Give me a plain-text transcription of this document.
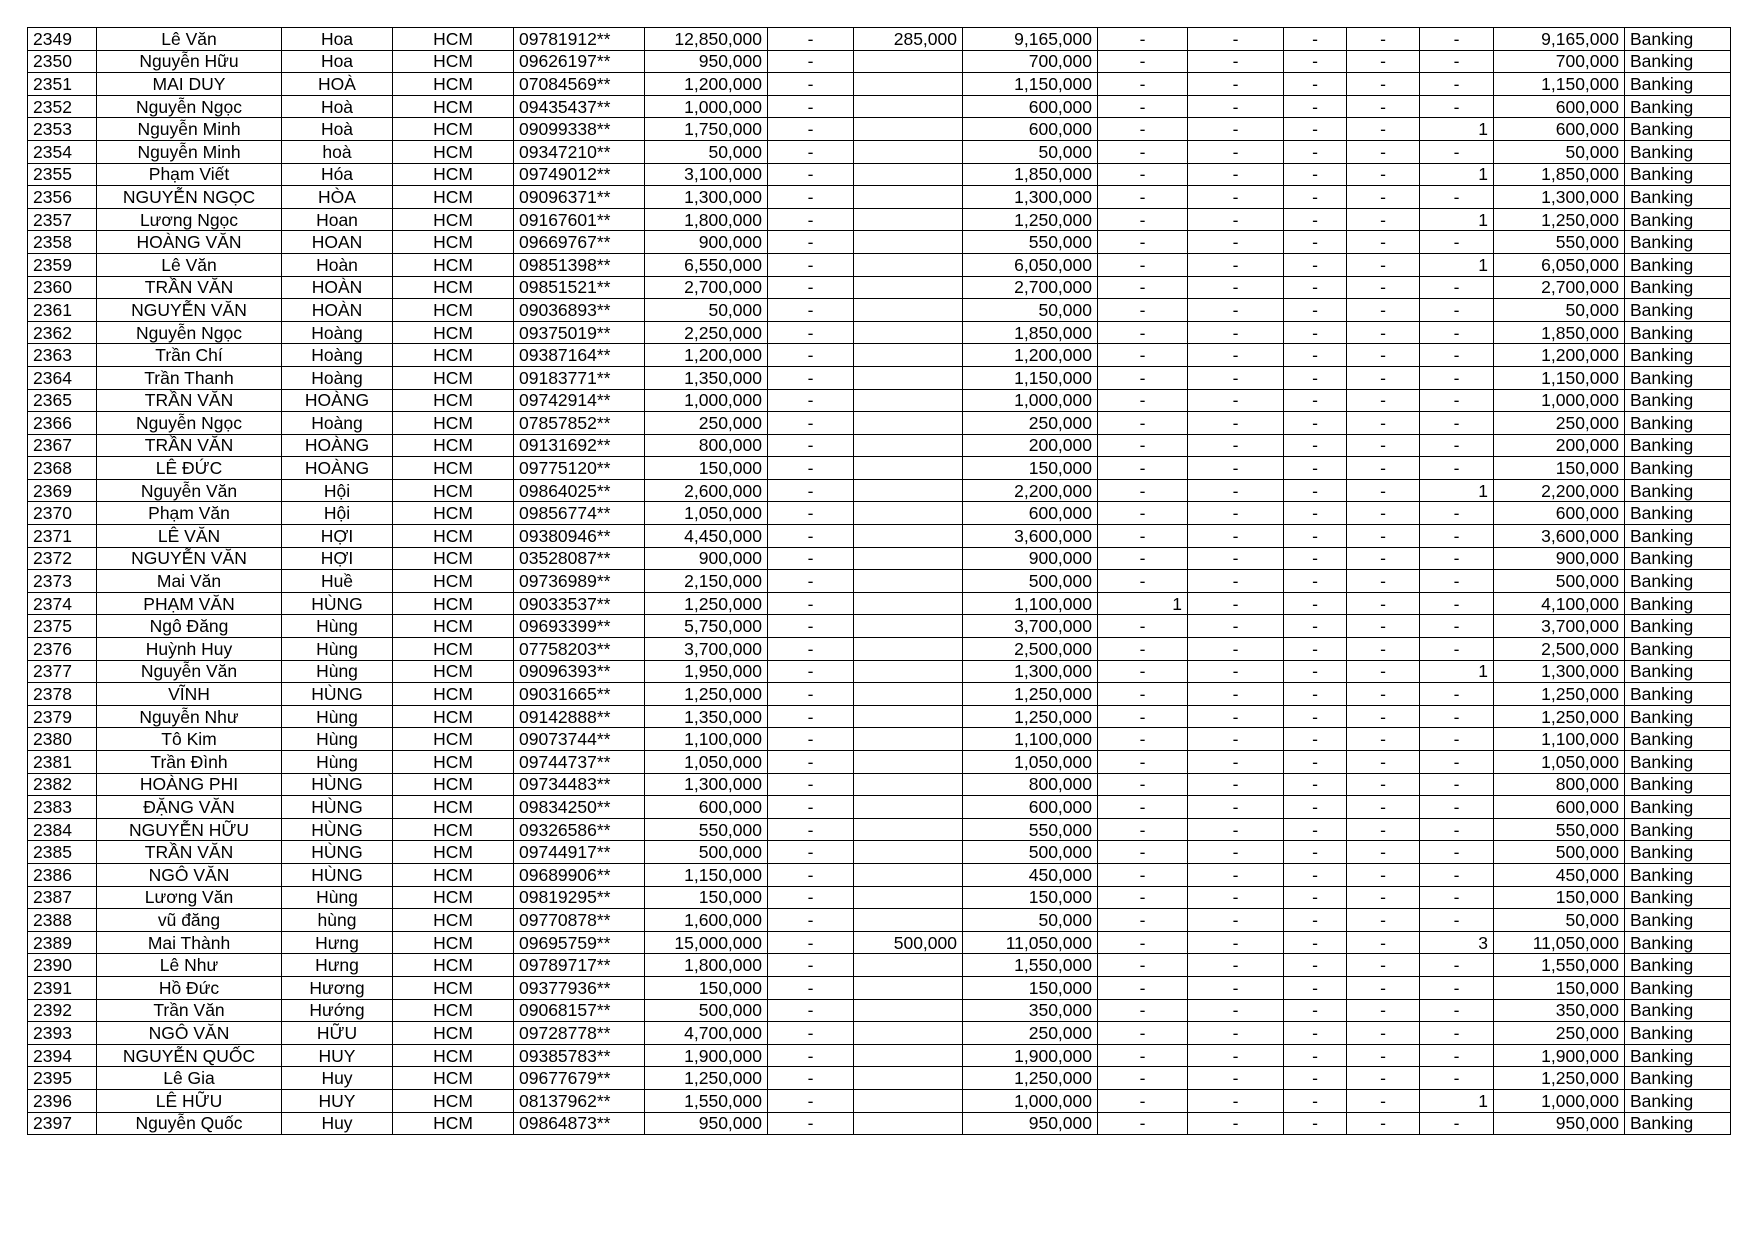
2349	Lê Văn	Hoa	HCM	09781912**	12,850,000	-	285,000	9,165,000	-	-	-	-	-	9,165,000	Banking
2350	Nguyễn Hữu	Hoa	HCM	09626197**	950,000	-		700,000	-	-	-	-	-	700,000	Banking
2351	MAI DUY	HOÀ	HCM	07084569**	1,200,000	-		1,150,000	-	-	-	-	-	1,150,000	Banking
2352	Nguyễn Ngọc	Hoà	HCM	09435437**	1,000,000	-		600,000	-	-	-	-	-	600,000	Banking
2353	Nguyễn Minh	Hoà	HCM	09099338**	1,750,000	-		600,000	-	-	-	-	1	600,000	Banking
2354	Nguyễn Minh	hoà	HCM	09347210**	50,000	-		50,000	-	-	-	-	-	50,000	Banking
2355	Phạm Viết	Hóa	HCM	09749012**	3,100,000	-		1,850,000	-	-	-	-	1	1,850,000	Banking
2356	NGUYỄN NGỌC	HÒA	HCM	09096371**	1,300,000	-		1,300,000	-	-	-	-	-	1,300,000	Banking
2357	Lương Ngọc	Hoan	HCM	09167601**	1,800,000	-		1,250,000	-	-	-	-	1	1,250,000	Banking
2358	HOÀNG VĂN	HOAN	HCM	09669767**	900,000	-		550,000	-	-	-	-	-	550,000	Banking
2359	Lê Văn	Hoàn	HCM	09851398**	6,550,000	-		6,050,000	-	-	-	-	1	6,050,000	Banking
2360	TRẦN VĂN	HOÀN	HCM	09851521**	2,700,000	-		2,700,000	-	-	-	-	-	2,700,000	Banking
2361	NGUYỄN VĂN	HOÀN	HCM	09036893**	50,000	-		50,000	-	-	-	-	-	50,000	Banking
2362	Nguyễn Ngọc	Hoàng	HCM	09375019**	2,250,000	-		1,850,000	-	-	-	-	-	1,850,000	Banking
2363	Trần Chí	Hoàng	HCM	09387164**	1,200,000	-		1,200,000	-	-	-	-	-	1,200,000	Banking
2364	Trần Thanh	Hoàng	HCM	09183771**	1,350,000	-		1,150,000	-	-	-	-	-	1,150,000	Banking
2365	TRẦN VĂN	HOÀNG	HCM	09742914**	1,000,000	-		1,000,000	-	-	-	-	-	1,000,000	Banking
2366	Nguyễn Ngọc	Hoàng	HCM	07857852**	250,000	-		250,000	-	-	-	-	-	250,000	Banking
2367	TRẦN VĂN	HOÀNG	HCM	09131692**	800,000	-		200,000	-	-	-	-	-	200,000	Banking
2368	LÊ ĐỨC	HOÀNG	HCM	09775120**	150,000	-		150,000	-	-	-	-	-	150,000	Banking
2369	Nguyễn Văn	Hội	HCM	09864025**	2,600,000	-		2,200,000	-	-	-	-	1	2,200,000	Banking
2370	Phạm Văn	Hội	HCM	09856774**	1,050,000	-		600,000	-	-	-	-	-	600,000	Banking
2371	LÊ VĂN	HỢI	HCM	09380946**	4,450,000	-		3,600,000	-	-	-	-	-	3,600,000	Banking
2372	NGUYỄN VĂN	HỢI	HCM	03528087**	900,000	-		900,000	-	-	-	-	-	900,000	Banking
2373	Mai Văn	Huề	HCM	09736989**	2,150,000	-		500,000	-	-	-	-	-	500,000	Banking
2374	PHẠM VĂN	HÙNG	HCM	09033537**	1,250,000	-		1,100,000	1	-	-	-	-	4,100,000	Banking
2375	Ngô Đăng	Hùng	HCM	09693399**	5,750,000	-		3,700,000	-	-	-	-	-	3,700,000	Banking
2376	Huỳnh Huy	Hùng	HCM	07758203**	3,700,000	-		2,500,000	-	-	-	-	-	2,500,000	Banking
2377	Nguyễn Văn	Hùng	HCM	09096393**	1,950,000	-		1,300,000	-	-	-	-	1	1,300,000	Banking
2378	VĨNH	HÙNG	HCM	09031665**	1,250,000	-		1,250,000	-	-	-	-	-	1,250,000	Banking
2379	Nguyễn Như	Hùng	HCM	09142888**	1,350,000	-		1,250,000	-	-	-	-	-	1,250,000	Banking
2380	Tô Kim	Hùng	HCM	09073744**	1,100,000	-		1,100,000	-	-	-	-	-	1,100,000	Banking
2381	Trần Đình	Hùng	HCM	09744737**	1,050,000	-		1,050,000	-	-	-	-	-	1,050,000	Banking
2382	HOÀNG PHI	HÙNG	HCM	09734483**	1,300,000	-		800,000	-	-	-	-	-	800,000	Banking
2383	ĐẶNG VĂN	HÙNG	HCM	09834250**	600,000	-		600,000	-	-	-	-	-	600,000	Banking
2384	NGUYỄN HỮU	HÙNG	HCM	09326586**	550,000	-		550,000	-	-	-	-	-	550,000	Banking
2385	TRẦN VĂN	HÙNG	HCM	09744917**	500,000	-		500,000	-	-	-	-	-	500,000	Banking
2386	NGÔ VĂN	HÙNG	HCM	09689906**	1,150,000	-		450,000	-	-	-	-	-	450,000	Banking
2387	Lương Văn	Hùng	HCM	09819295**	150,000	-		150,000	-	-	-	-	-	150,000	Banking
2388	vũ đăng	hùng	HCM	09770878**	1,600,000	-		50,000	-	-	-	-	-	50,000	Banking
2389	Mai Thành	Hưng	HCM	09695759**	15,000,000	-	500,000	11,050,000	-	-	-	-	3	11,050,000	Banking
2390	Lê Như	Hưng	HCM	09789717**	1,800,000	-		1,550,000	-	-	-	-	-	1,550,000	Banking
2391	Hồ Đức	Hương	HCM	09377936**	150,000	-		150,000	-	-	-	-	-	150,000	Banking
2392	Trần Văn	Hướng	HCM	09068157**	500,000	-		350,000	-	-	-	-	-	350,000	Banking
2393	NGÔ VĂN	HỮU	HCM	09728778**	4,700,000	-		250,000	-	-	-	-	-	250,000	Banking
2394	NGUYỄN QUỐC	HUY	HCM	09385783**	1,900,000	-		1,900,000	-	-	-	-	-	1,900,000	Banking
2395	Lê Gia	Huy	HCM	09677679**	1,250,000	-		1,250,000	-	-	-	-	-	1,250,000	Banking
2396	LÊ HỮU	HUY	HCM	08137962**	1,550,000	-		1,000,000	-	-	-	-	1	1,000,000	Banking
2397	Nguyễn Quốc	Huy	HCM	09864873**	950,000	-		950,000	-	-	-	-	-	950,000	Banking
